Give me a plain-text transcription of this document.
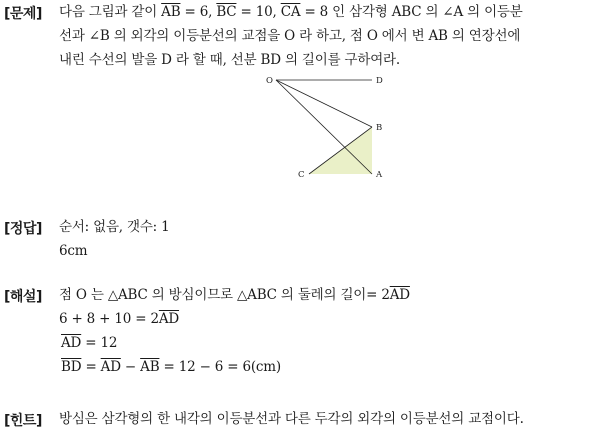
[문제] 다음 그림과 같이 $\overline{AB} = 6$, $\overline{BC} = 10$, $\overline{CA} = 8$ 인 삼각형 ABC 의 ∠A 의 이등분
선과 ∠B 의 외각의 이등분선의 교점을 O 라 하고, 점 O 에서 변 AB 의 연장선에
내린 수선의 발을 D 라 할 때, 선분 BD 의 길이를 구하여라.
O	D
B
C	A
[정답] 순서: 없음, 갯수: 1
6cm
[해설] 점 O 는 △ABC 의 방심이므로 △ABC 의 둘레의 길이= $2\overline{AD}$
$6 + 8 + 10 = 2\overline{AD}$
$\overline{AD} = 12$
$\overline{BD} = \overline{AD} - \overline{AB} = 12 - 6 = 6(cm)$
[힌트] 방심은 삼각형의 한 내각의 이등분선과 다른 두각의 외각의 이등분선의 교점이다.
